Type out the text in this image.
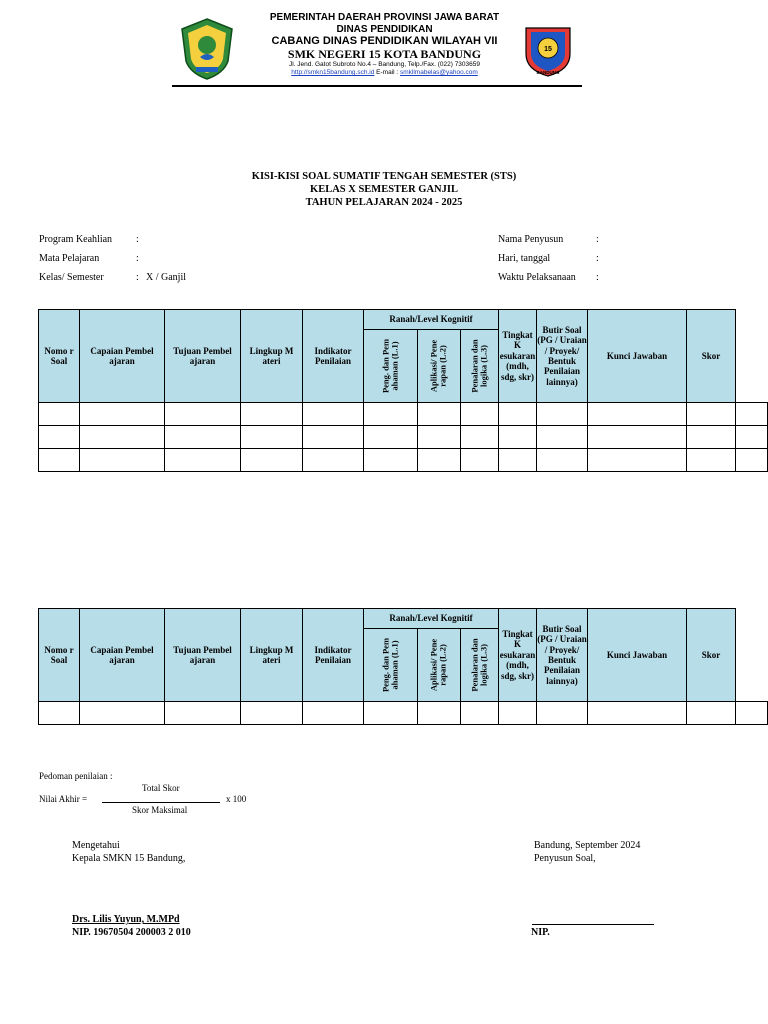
15
BANDUNG
PEMERINTAH DAERAH PROVINSI JAWA BARAT
DINAS PENDIDIKAN
CABANG DINAS PENDIDIKAN WILAYAH VII
SMK NEGERI 15 KOTA BANDUNG
Jl. Jend. Gatot Subroto No.4 – Bandung, Telp./Fax. (022) 7303659
http://smkn15bandung.sch.id E-mail : smkllmabelas@yahoo.com
KISI-KISI SOAL SUMATIF TENGAH SEMESTER (STS)
KELAS X SEMESTER GANJIL
TAHUN PELAJARAN 2024 - 2025
Program Keahlian :
Mata Pelajaran	:
Kelas/ Semester	: X / Ganjil
Nama Penyusun	:
Hari, tanggal	:
Waktu Pelaksanaan :
Nomo r Soal	Capaian Pembel ajaran	Tujuan Pembel ajaran	Lingkup M ateri	Indikator Penilaian	Ranah/Level Kognitif			Tingkat K esukaran (mdh, sdg, skr)	Butir Soal (PG / Uraian / Proyek/ Bentuk Penilaian lainnya)	Kunci Jawaban	Skor	

					Peng. dan Pem ahaman (L.1)	Aplikasi/ Pene rapan (L.2)	Penalaran dan logika (L.3)					

Nomo r Soal	Capaian Pembel ajaran	Tujuan Pembel ajaran	Lingkup M ateri	Indikator Penilaian	Ranah/Level Kognitif			Tingkat K esukaran (mdh, sdg, skr)	Butir Soal (PG / Uraian / Proyek/ Bentuk Penilaian lainnya)	Kunci Jawaban	Skor	

					Peng. dan Pem ahaman (L.1)	Aplikasi/ Pene rapan (L.2)	Penalaran dan logika (L.3)					

Pedoman penilaian :
Total Skor
Nilai Akhir =	x 100
Skor Maksimal
Mengetahui
Kepala SMKN 15 Bandung,
Drs. Lilis Yuyun, M.MPd
NIP. 19670504 200003 2 010
Bandung, September 2024
Penyusun Soal,
NIP.
